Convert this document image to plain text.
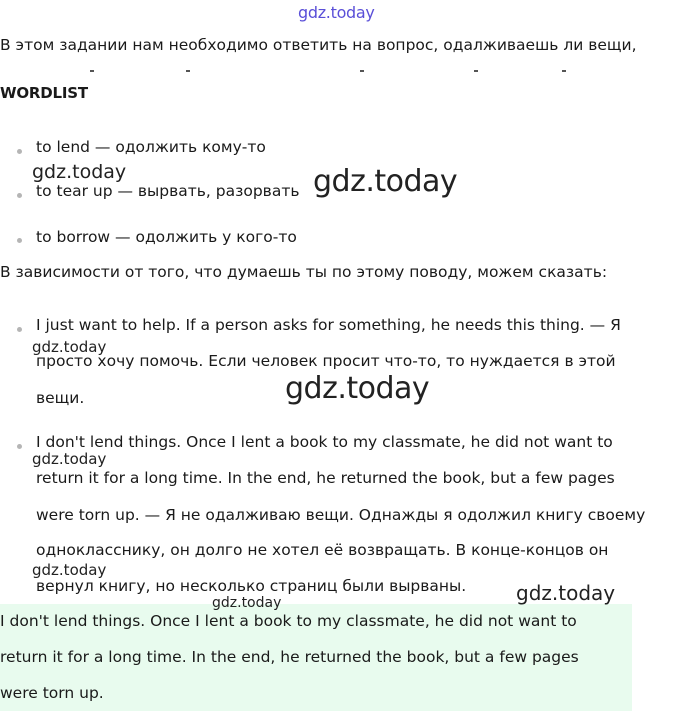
gdz.today
В этом задании нам необходимо ответить на вопрос, одалживаешь ли вещи,
WORDLIST
to lend — одолжить кому-то
gdz.today
to tear up — вырвать, разорвать gdz.today
to borrow — одолжить у кого-то
В зависимости от того, что думаешь ты по этому поводу, можем сказать:
I just want to help. If a person asks for something, he needs this thing. — Я
gdz.today
просто хочу помочь. Если человек просит что-то, то нуждается в этой
gdz.today
вещи.
I don't lend things. Once I lent a book to my classmate, he did not want to
gdz.today
return it for a long time. In the end, he returned the book, but a few pages
were torn up. — Я не одалживаю вещи. Однажды я одолжил книгу своему
однокласснику, он долго не хотел её возвращать. В конце-концов он
gdz.today
вернул книгу, но несколько страниц были вырваны.
gdz.today	gdz.today
I don't lend things. Once I lent a book to my classmate, he did not want to
return it for a long time. In the end, he returned the book, but a few pages
were torn up.
